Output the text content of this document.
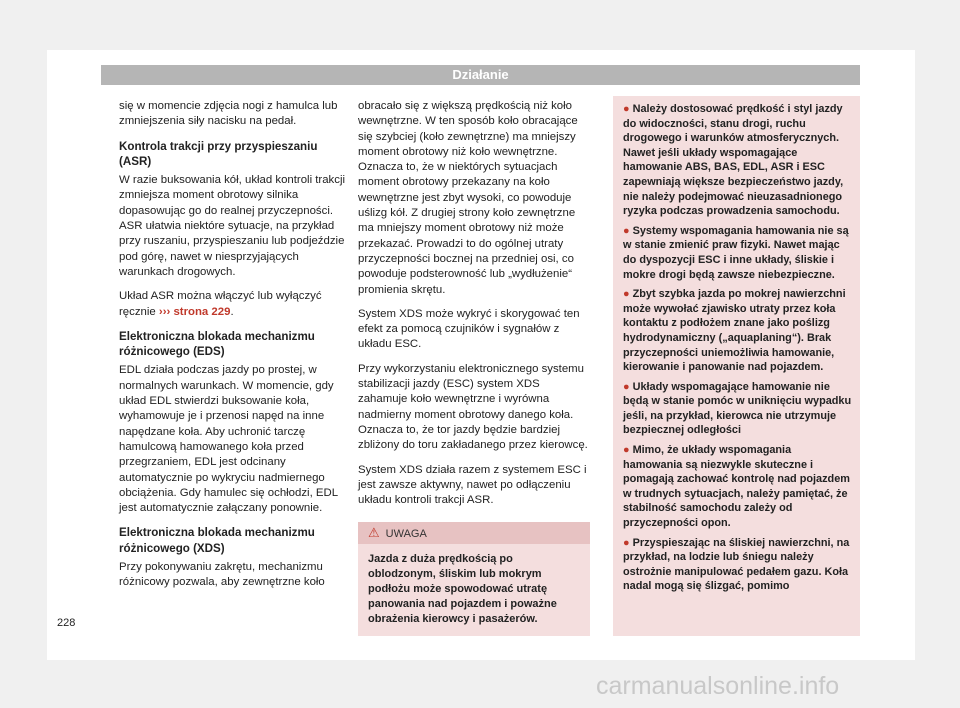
Działanie

się w momencie zdjęcia nogi z hamulca lub zmniejszenia siły nacisku na pedał.

Kontrola trakcji przy przyspieszaniu (ASR)

W razie buksowania kół, układ kontroli trakcji zmniejsza moment obrotowy silnika dopasowując go do realnej przyczepności. ASR ułatwia niektóre sytuacje, na przykład przy ruszaniu, przyspieszaniu lub podjeździe pod górę, nawet w niesprzyjających warunkach drogowych.

Układ ASR można włączyć lub wyłączyć ręcznie ››› strona 229.

Elektroniczna blokada mechanizmu różnicowego (EDS)

EDL działa podczas jazdy po prostej, w normalnych warunkach. W momencie, gdy układ EDL stwierdzi buksowanie koła, wyhamowuje je i przenosi napęd na inne napędzane koła. Aby uchronić tarczę hamulcową hamowanego koła przed przegrzaniem, EDL jest odcinany automatycznie po wykryciu nadmiernego obciążenia. Gdy hamulec się ochłodzi, EDL jest automatycznie załączany ponownie.

Elektroniczna blokada mechanizmu różnicowego (XDS)

Przy pokonywaniu zakrętu, mechanizmu różnicowy pozwala, aby zewnętrzne koło

obracało się z większą prędkością niż koło wewnętrzne. W ten sposób koło obracające się szybciej (koło zewnętrzne) ma mniejszy moment obrotowy niż koło wewnętrzne. Oznacza to, że w niektórych sytuacjach moment obrotowy przekazany na koło wewnętrzne jest zbyt wysoki, co powoduje uślizg kół. Z drugiej strony koło zewnętrzne ma mniejszy moment obrotowy niż może przekazać. Prowadzi to do ogólnej utraty przyczepności bocznej na przedniej osi, co powoduje podsterowność lub „wydłużenie“ promienia skrętu.

System XDS może wykryć i skorygować ten efekt za pomocą czujników i sygnałów z układu ESC.

Przy wykorzystaniu elektronicznego systemu stabilizacji jazdy (ESC) system XDS zahamuje koło wewnętrzne i wyrówna nadmierny moment obrotowy danego koła. Oznacza to, że tor jazdy będzie bardziej zbliżony do toru zakładanego przez kierowcę.

System XDS działa razem z systemem ESC i jest zawsze aktywny, nawet po odłączeniu układu kontroli trakcji ASR.

⚠ UWAGA
Jazda z duża prędkością po oblodzonym, śliskim lub mokrym podłożu może spowodować utratę panowania nad pojazdem i poważne obrażenia kierowcy i pasażerów.
● Należy dostosować prędkość i styl jazdy do widoczności, stanu drogi, ruchu drogowego i warunków atmosferycznych. Nawet jeśli układy wspomagające hamowanie ABS, BAS, EDL, ASR i ESC zapewniają większe bezpieczeństwo jazdy, nie należy podejmować nieuzasadnionego ryzyka podczas prowadzenia samochodu.
● Systemy wspomagania hamowania nie są w stanie zmienić praw fizyki. Nawet mając do dyspozycji ESC i inne układy, śliskie i mokre drogi będą zawsze niebezpieczne.
● Zbyt szybka jazda po mokrej nawierzchni może wywołać zjawisko utraty przez koła kontaktu z podłożem znane jako poślizg hydrodynamiczny („aquaplaning“). Brak przyczepności uniemożliwia hamowanie, kierowanie i panowanie nad pojazdem.
● Układy wspomagające hamowanie nie będą w stanie pomóc w uniknięciu wypadku jeśli, na przykład, kierowca nie utrzymuje bezpiecznej odległości
● Mimo, że układy wspomagania hamowania są niezwykle skuteczne i pomagają zachować kontrolę nad pojazdem w trudnych sytuacjach, należy pamiętać, że stabilność samochodu zależy od przyczepności opon.
● Przyspieszając na śliskiej nawierzchni, na przykład, na lodzie lub śniegu należy ostrożnie manipulować pedałem gazu. Koła nadal mogą się ślizgać, pomimo
228
carmanualsonline.info
